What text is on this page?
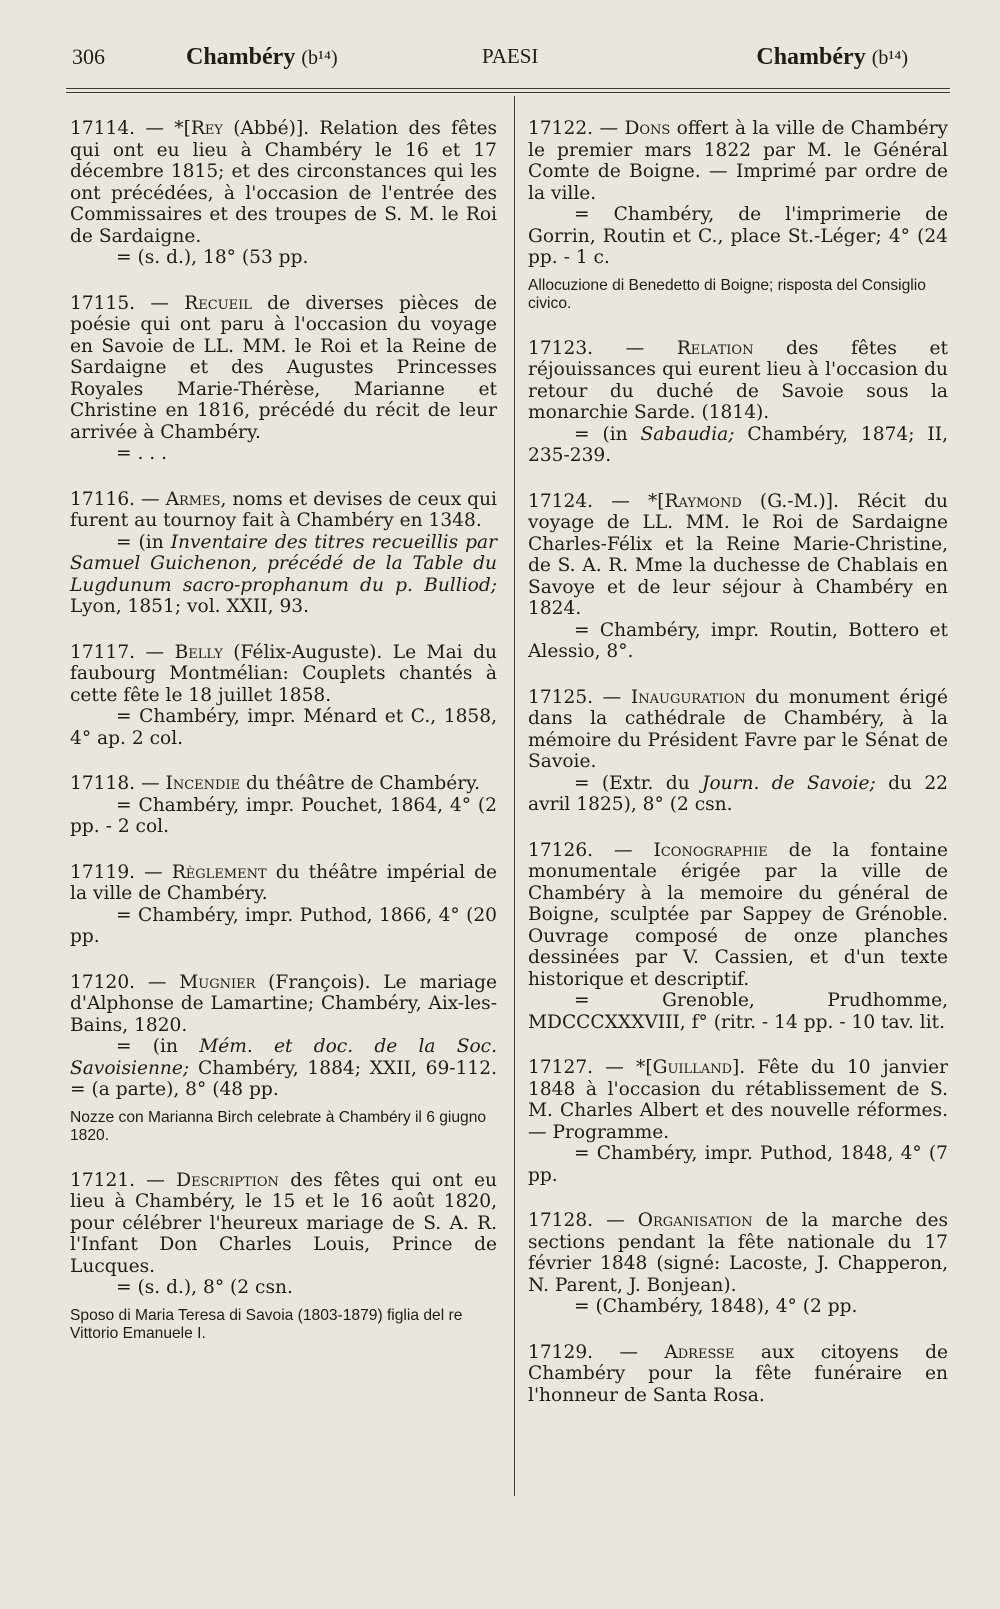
306	Chambéry (b¹⁴)	PAESI	Chambéry (b¹⁴)

17114. — *[Rey (Abbé)]. Relation des fêtes qui ont eu lieu à Chambéry le 16 et 17 décembre 1815; et des circonstances qui les ont précédées, à l'occasion de l'entrée des Commissaires et des troupes de S. M. le Roi de Sardaigne.

= (s. d.), 18° (53 pp.

17115. — Recueil de diverses pièces de poésie qui ont paru à l'occasion du voyage en Savoie de LL. MM. le Roi et la Reine de Sardaigne et des Augustes Princesses Royales Marie-Thérèse, Marianne et Christine en 1816, précédé du récit de leur arrivée à Chambéry.

= . . .

17116. — Armes, noms et devises de ceux qui furent au tournoy fait à Chambéry en 1348.

= (in Inventaire des titres recueillis par Samuel Guichenon, précédé de la Table du Lugdunum sacro-prophanum du p. Bulliod; Lyon, 1851; vol. XXII, 93.

17117. — Belly (Félix-Auguste). Le Mai du faubourg Montmélian: Couplets chantés à cette fête le 18 juillet 1858.

= Chambéry, impr. Ménard et C., 1858, 4° ap. 2 col.

17118. — Incendie du théâtre de Chambéry.

= Chambéry, impr. Pouchet, 1864, 4° (2 pp. - 2 col.

17119. — Règlement du théâtre impérial de la ville de Chambéry.

= Chambéry, impr. Puthod, 1866, 4° (20 pp.

17120. — Mugnier (François). Le mariage d'Alphonse de Lamartine; Chambéry, Aix-les-Bains, 1820.

= (in Mém. et doc. de la Soc. Savoisienne; Chambéry, 1884; XXII, 69-112. = (a parte), 8° (48 pp.

Nozze con Marianna Birch celebrate à Chambéry il 6 giugno 1820.

17121. — Description des fêtes qui ont eu lieu à Chambéry, le 15 et le 16 août 1820, pour célébrer l'heureux mariage de S. A. R. l'Infant Don Charles Louis, Prince de Lucques.

= (s. d.), 8° (2 csn.

Sposo di Maria Teresa di Savoia (1803-1879) figlia del re Vittorio Emanuele I.

17122. — Dons offert à la ville de Chambéry le premier mars 1822 par M. le Général Comte de Boigne. — Imprimé par ordre de la ville.

= Chambéry, de l'imprimerie de Gorrin, Routin et C., place St.-Léger; 4° (24 pp. - 1 c.

Allocuzione di Benedetto di Boigne; risposta del Consiglio civico.

17123. — Relation des fêtes et réjouissances qui eurent lieu à l'occasion du retour du duché de Savoie sous la monarchie Sarde. (1814).

= (in Sabaudia; Chambéry, 1874; II, 235-239.

17124. — *[Raymond (G.-M.)]. Récit du voyage de LL. MM. le Roi de Sardaigne Charles-Félix et la Reine Marie-Christine, de S. A. R. Mme la duchesse de Chablais en Savoye et de leur séjour à Chambéry en 1824.

= Chambéry, impr. Routin, Bottero et Alessio, 8°.

17125. — Inauguration du monument érigé dans la cathédrale de Chambéry, à la mémoire du Président Favre par le Sénat de Savoie.

= (Extr. du Journ. de Savoie; du 22 avril 1825), 8° (2 csn.

17126. — Iconographie de la fontaine monumentale érigée par la ville de Chambéry à la memoire du général de Boigne, sculptée par Sappey de Grénoble. Ouvrage composé de onze planches dessinées par V. Cassien, et d'un texte historique et descriptif.

= Grenoble, Prudhomme, MDCCCXXXVIII, f° (ritr. - 14 pp. - 10 tav. lit.

17127. — *[Guilland]. Fête du 10 janvier 1848 à l'occasion du rétablissement de S. M. Charles Albert et des nouvelle réformes. — Programme.

= Chambéry, impr. Puthod, 1848, 4° (7 pp.

17128. — Organisation de la marche des sections pendant la fête nationale du 17 février 1848 (signé: Lacoste, J. Chapperon, N. Parent, J. Bonjean).

= (Chambéry, 1848), 4° (2 pp.

17129. — Adresse aux citoyens de Chambéry pour la fête funéraire en l'honneur de Santa Rosa.
